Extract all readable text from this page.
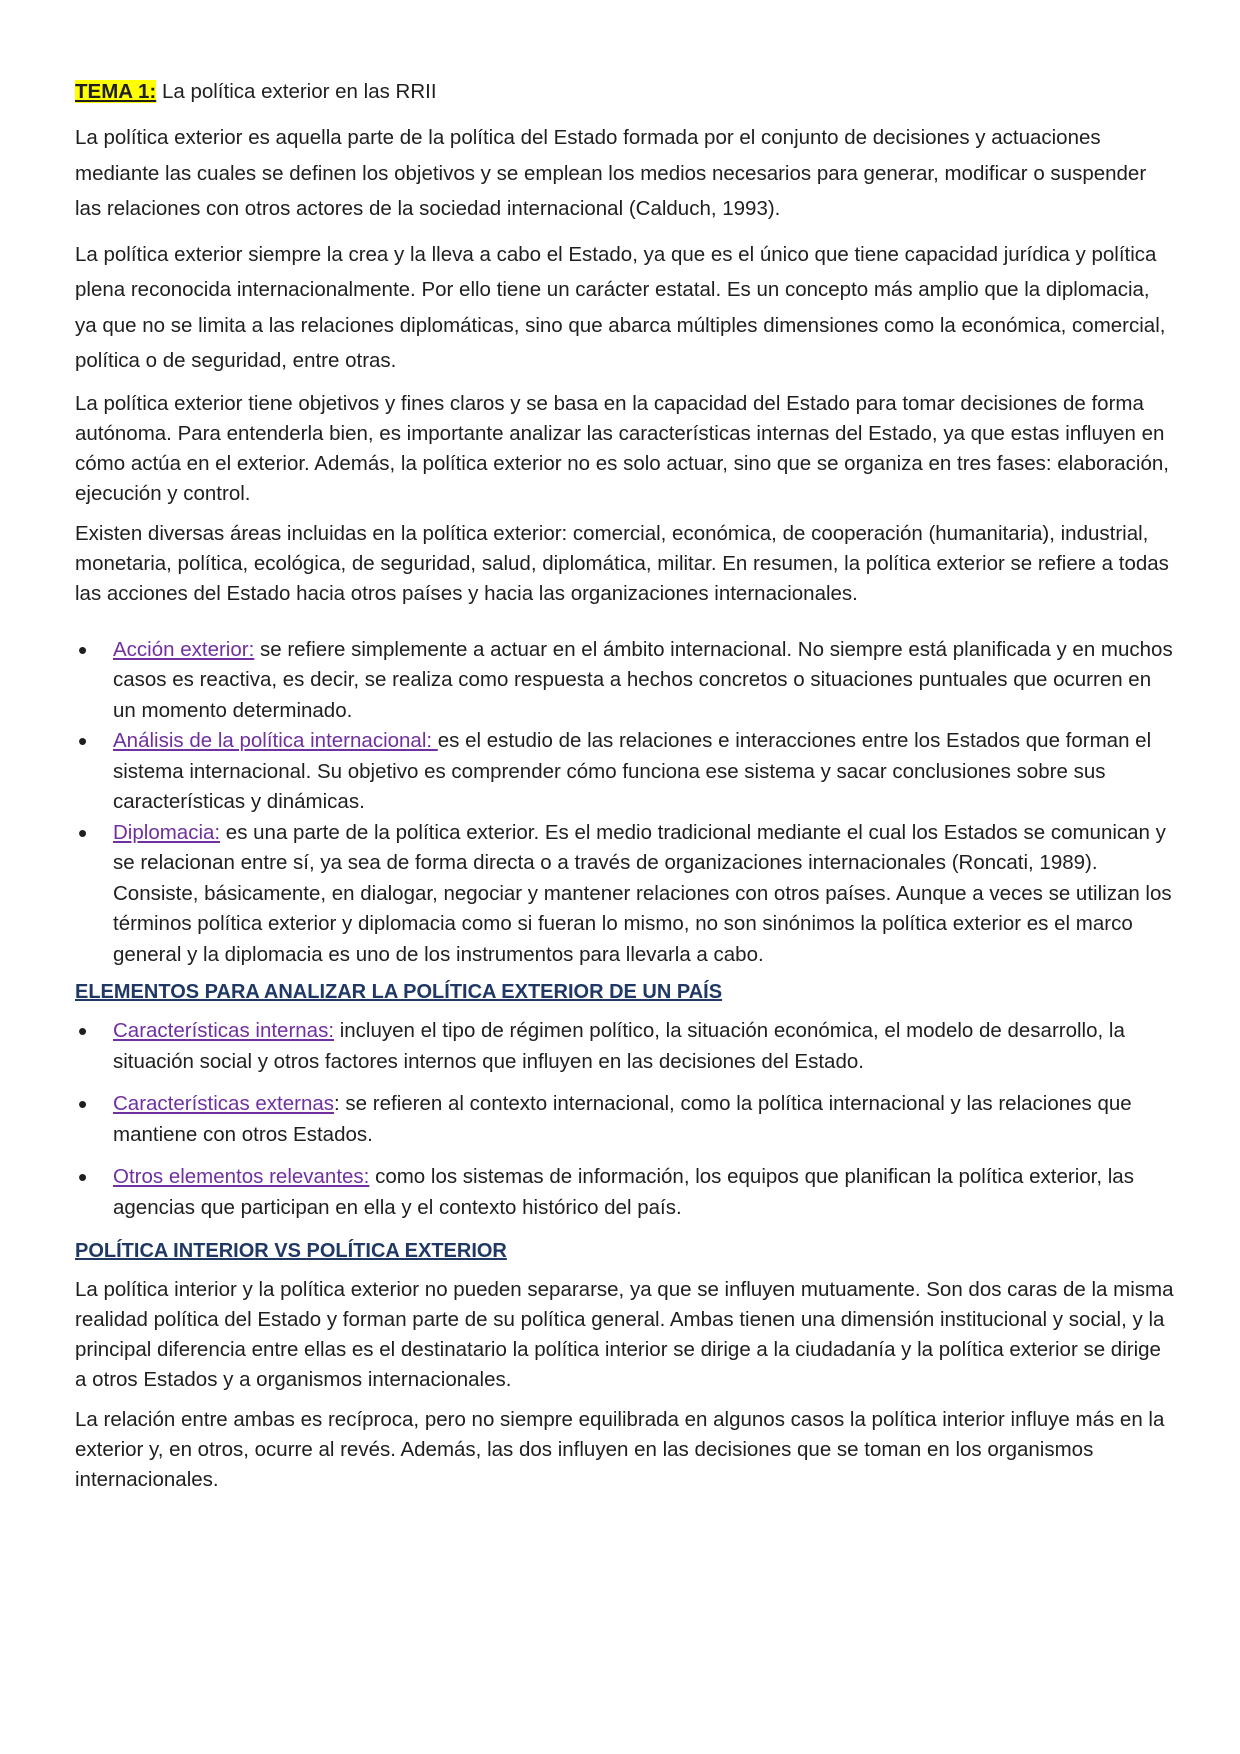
TEMA 1: La política exterior en las RRII

La política exterior es aquella parte de la política del Estado formada por el conjunto de decisiones y actuaciones mediante las cuales se definen los objetivos y se emplean los medios necesarios para generar, modificar o suspender las relaciones con otros actores de la sociedad internacional (Calduch, 1993).

La política exterior siempre la crea y la lleva a cabo el Estado, ya que es el único que tiene capacidad jurídica y política plena reconocida internacionalmente. Por ello tiene un carácter estatal. Es un concepto más amplio que la diplomacia, ya que no se limita a las relaciones diplomáticas, sino que abarca múltiples dimensiones como la económica, comercial, política o de seguridad, entre otras.

La política exterior tiene objetivos y fines claros y se basa en la capacidad del Estado para tomar decisiones de forma autónoma. Para entenderla bien, es importante analizar las características internas del Estado, ya que estas influyen en cómo actúa en el exterior. Además, la política exterior no es solo actuar, sino que se organiza en tres fases: elaboración, ejecución y control.

Existen diversas áreas incluidas en la política exterior: comercial, económica, de cooperación (humanitaria), industrial, monetaria, política, ecológica, de seguridad, salud, diplomática, militar. En resumen, la política exterior se refiere a todas las acciones del Estado hacia otros países y hacia las organizaciones internacionales.

• Acción exterior: se refiere simplemente a actuar en el ámbito internacional. No siempre está planificada y en muchos casos es reactiva, es decir, se realiza como respuesta a hechos concretos o situaciones puntuales que ocurren en un momento determinado.
• Análisis de la política internacional: es el estudio de las relaciones e interacciones entre los Estados que forman el sistema internacional. Su objetivo es comprender cómo funciona ese sistema y sacar conclusiones sobre sus características y dinámicas.
• Diplomacia: es una parte de la política exterior. Es el medio tradicional mediante el cual los Estados se comunican y se relacionan entre sí, ya sea de forma directa o a través de organizaciones internacionales (Roncati, 1989). Consiste, básicamente, en dialogar, negociar y mantener relaciones con otros países. Aunque a veces se utilizan los términos política exterior y diplomacia como si fueran lo mismo, no son sinónimos la política exterior es el marco general y la diplomacia es uno de los instrumentos para llevarla a cabo.
ELEMENTOS PARA ANALIZAR LA POLÍTICA EXTERIOR DE UN PAÍS
• Características internas: incluyen el tipo de régimen político, la situación económica, el modelo de desarrollo, la situación social y otros factores internos que influyen en las decisiones del Estado.
• Características externas: se refieren al contexto internacional, como la política internacional y las relaciones que mantiene con otros Estados.
• Otros elementos relevantes: como los sistemas de información, los equipos que planifican la política exterior, las agencias que participan en ella y el contexto histórico del país.
POLÍTICA INTERIOR VS POLÍTICA EXTERIOR

La política interior y la política exterior no pueden separarse, ya que se influyen mutuamente. Son dos caras de la misma realidad política del Estado y forman parte de su política general. Ambas tienen una dimensión institucional y social, y la principal diferencia entre ellas es el destinatario la política interior se dirige a la ciudadanía y la política exterior se dirige a otros Estados y a organismos internacionales.

La relación entre ambas es recíproca, pero no siempre equilibrada en algunos casos la política interior influye más en la exterior y, en otros, ocurre al revés. Además, las dos influyen en las decisiones que se toman en los organismos internacionales.
